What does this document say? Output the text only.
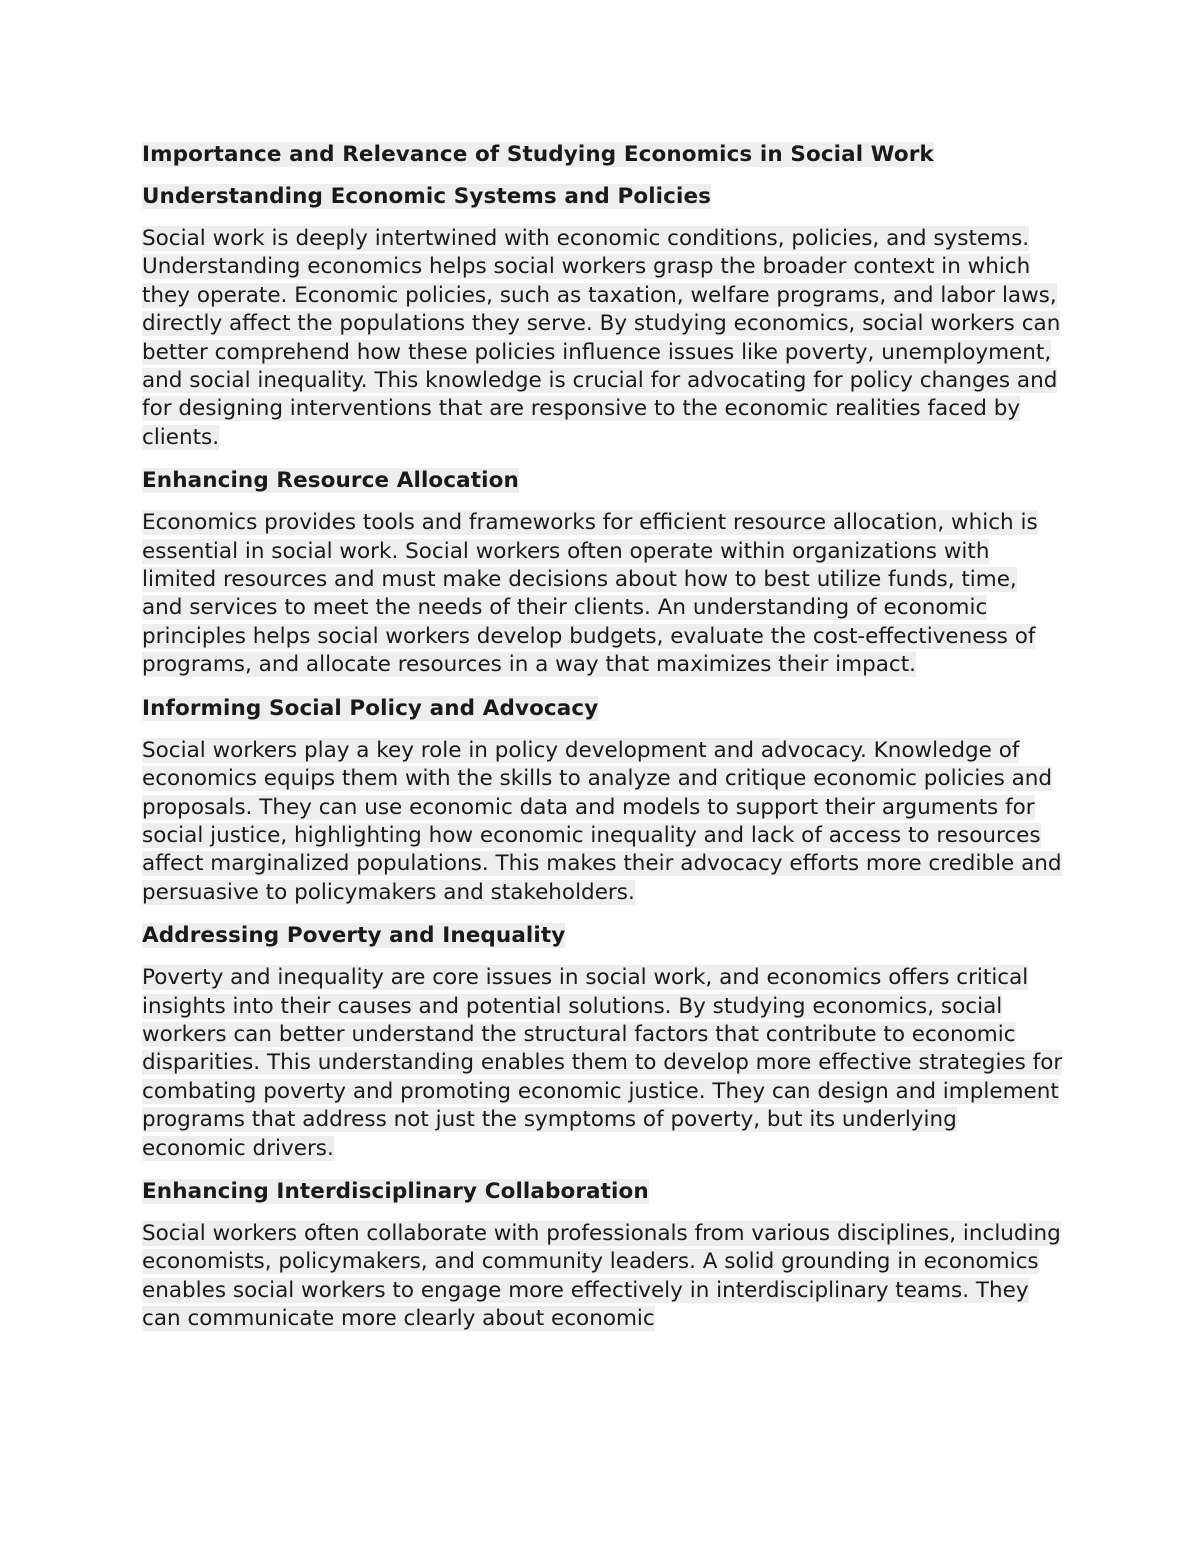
Importance and Relevance of Studying Economics in Social Work
Understanding Economic Systems and Policies

Social work is deeply intertwined with economic conditions, policies, and systems. Understanding economics helps social workers grasp the broader context in which they operate. Economic policies, such as taxation, welfare programs, and labor laws, directly affect the populations they serve. By studying economics, social workers can better comprehend how these policies influence issues like poverty, unemployment, and social inequality. This knowledge is crucial for advocating for policy changes and for designing interventions that are responsive to the economic realities faced by clients.

Enhancing Resource Allocation

Economics provides tools and frameworks for efficient resource allocation, which is essential in social work. Social workers often operate within organizations with limited resources and must make decisions about how to best utilize funds, time, and services to meet the needs of their clients. An understanding of economic principles helps social workers develop budgets, evaluate the cost-effectiveness of programs, and allocate resources in a way that maximizes their impact.

Informing Social Policy and Advocacy

Social workers play a key role in policy development and advocacy. Knowledge of economics equips them with the skills to analyze and critique economic policies and proposals. They can use economic data and models to support their arguments for social justice, highlighting how economic inequality and lack of access to resources affect marginalized populations. This makes their advocacy efforts more credible and persuasive to policymakers and stakeholders.

Addressing Poverty and Inequality

Poverty and inequality are core issues in social work, and economics offers critical insights into their causes and potential solutions. By studying economics, social workers can better understand the structural factors that contribute to economic disparities. This understanding enables them to develop more effective strategies for combating poverty and promoting economic justice. They can design and implement programs that address not just the symptoms of poverty, but its underlying economic drivers.

Enhancing Interdisciplinary Collaboration

Social workers often collaborate with professionals from various disciplines, including economists, policymakers, and community leaders. A solid grounding in economics enables social workers to engage more effectively in interdisciplinary teams. They can communicate more clearly about economic
